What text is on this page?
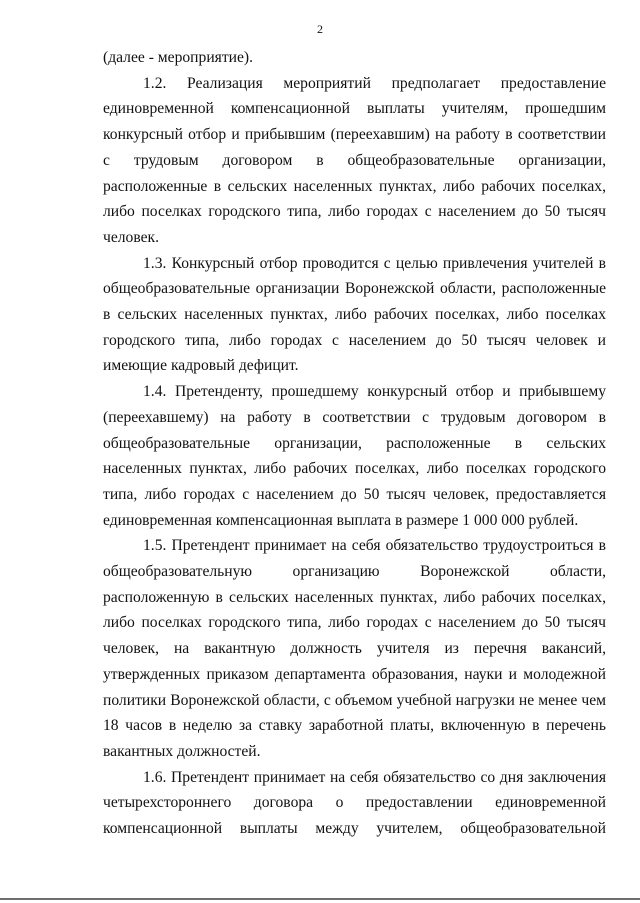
2

(далее - мероприятие).

1.2. Реализация мероприятий предполагает предоставление единовременной компенсационной выплаты учителям, прошедшим конкурсный отбор и прибывшим (переехавшим) на работу в соответствии с трудовым договором в общеобразовательные организации, расположенные в сельских населенных пунктах, либо рабочих поселках, либо поселках городского типа, либо городах с населением до 50 тысяч человек.

1.3. Конкурсный отбор проводится с целью привлечения учителей в общеобразовательные организации Воронежской области, расположенные в сельских населенных пунктах, либо рабочих поселках, либо поселках городского типа, либо городах с населением до 50 тысяч человек и имеющие кадровый дефицит.

1.4. Претенденту, прошедшему конкурсный отбор и прибывшему (переехавшему) на работу в соответствии с трудовым договором в общеобразовательные организации, расположенные в сельских населенных пунктах, либо рабочих поселках, либо поселках городского типа, либо городах с населением до 50 тысяч человек, предоставляется единовременная компенсационная выплата в размере 1 000 000 рублей.

1.5. Претендент принимает на себя обязательство трудоустроиться в общеобразовательную организацию Воронежской области, расположенную в сельских населенных пунктах, либо рабочих поселках, либо поселках городского типа, либо городах с населением до 50 тысяч человек, на вакантную должность учителя из перечня вакансий, утвержденных приказом департамента образования, науки и молодежной политики Воронежской области, с объемом учебной нагрузки не менее чем 18 часов в неделю за ставку заработной платы, включенную в перечень вакантных должностей.

1.6. Претендент принимает на себя обязательство со дня заключения четырехстороннего договора о предоставлении единовременной компенсационной выплаты между учителем, общеобразовательной
